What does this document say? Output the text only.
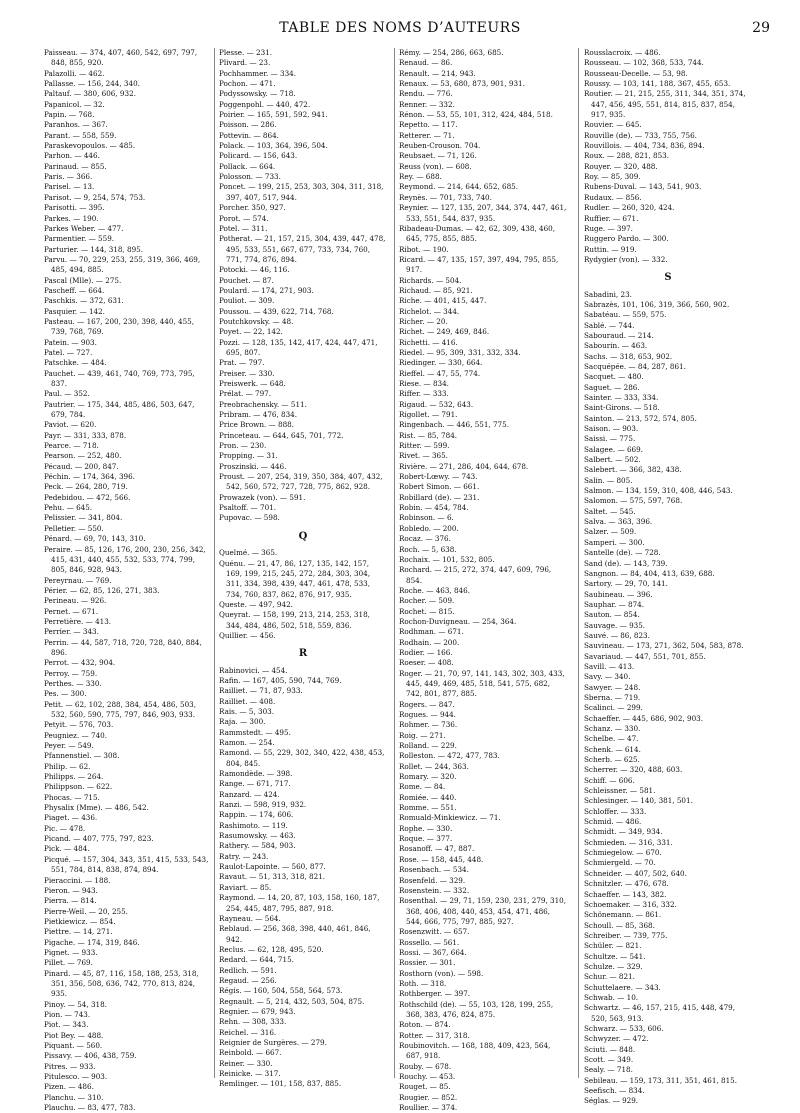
TABLE DES NOMS D’AUTEURS	29

Paisseau. — 374, 407, 460, 542, 697, 797, 848, 855, 920.

Palazolli. — 462.

Pallasse. — 156, 244, 340.

Paltauf. — 380, 606, 932.

Papanicol. — 32.

Papin. — 768.

Paranhos. — 367.

Parant. — 558, 559.

Paraskevopoulos. — 485.

Parhon. — 446.

Parinaud. — 855.

Paris. — 366.

Parisel. — 13.

Parisot. — 9, 254, 574, 753.

Parisotti. — 395.

Parkes. — 190.

Parkes Weber. — 477.

Parmentier. — 559.

Parturier. — 144, 318, 895.

Parvu. — 70, 229, 253, 255, 319, 366, 469, 485, 494, 885.

Pascal (Mlle). — 275.

Pascheff. — 664.

Paschkis. — 372, 631.

Pasquier. — 142.

Pasteau. — 167, 200, 230, 398, 440, 455, 739, 768, 769.

Patein. — 903.

Patel. — 727.

Patschke. — 484.

Pauchet. — 439, 461, 740, 769, 773, 795, 837.

Paul. — 352.

Pautrier. — 175, 344, 485, 486, 503, 647, 679, 784.

Paviot. — 620.

Payr. — 331, 333, 878.

Pearce. — 718.

Pearson. — 252, 480.

Pécaud. — 200, 847.

Péchin. — 174, 364, 396.

Peck. — 264, 280, 719.

Pedebidou. — 472, 566.

Pehu. — 645.

Pelissier. — 341, 804.

Pelletier. — 550.

Pénard. — 69, 70, 143, 310.

Peraire. — 85, 126, 176, 200, 230, 256, 342, 415, 431, 440, 455, 532, 533, 774, 799, 805, 846, 928, 943.

Pereyrnau. — 769.

Périer. — 62, 85, 126, 271, 383.

Perineau. — 926.

Pernet. — 671.

Perretière. — 413.

Perrier. — 343.

Perrin. — 44, 587, 718, 720, 728, 840, 884, 896.

Perrot. — 432, 904.

Perroy. — 759.

Perthes. — 330.

Pes. — 300.

Petit. — 62, 102, 288, 384, 454, 486, 503, 532, 560, 590, 775, 797, 846, 903, 933.

Petyit. — 576, 703.

Peugniez. — 740.

Peyer. — 549.

Pfannenstiel. — 308.

Philip. — 62.

Philipps. — 264.

Philippson. — 622.

Phocas. — 715.

Physalix (Mme). — 486, 542.

Piaget. — 436.

Pic. — 478.

Picand. — 407, 775, 797, 823.

Pick. — 484.

Picqué. — 157, 304, 343, 351, 415, 533, 543, 551, 784, 814, 838, 874, 894.

Pieraccini. — 188.

Pieron. — 943.

Pierra. — 814.

Pierre-Weil. — 20, 255.

Pietkiewicz. — 854.

Piettre. — 14, 271.

Pigache. — 174, 319, 846.

Pignet. — 933.

Pillet. — 769.

Pinard. — 45, 87, 116, 158, 188, 253, 318, 351, 356, 508, 636, 742, 770, 813, 824, 935.

Pinoy. — 54, 318.

Pion. — 743.

Piot. — 343.

Piot Bey. — 488.

Piquant. — 560.

Pissavy. — 406, 438, 759.

Pitres. — 933.

Pitulesco. — 903.

Pizen. — 486.

Planchu. — 310.

Plauchu. — 83, 477, 783.

Plesse. — 231.

Plivard. — 23.

Pochhammer. — 334.

Pochon. — 471.

Podyssowsky. — 718.

Poggenpohl. — 440, 472.

Poirier. — 165, 591, 592, 941.

Poisson. — 286.

Pottevin. — 864.

Polack. — 103, 364, 396, 504.

Policard. — 156, 643.

Pollack. — 664.

Polosson. — 733.

Poncet. — 199, 215, 253, 303, 304, 311, 318, 397, 407, 517, 944.

Porcher. 350, 927.

Porot. — 574.

Potel. — 311.

Potherat. — 21, 157, 215, 304, 439, 447, 478, 495, 533, 551, 667, 677, 733, 734, 760, 771, 774, 876, 894.

Potocki. — 46, 116.

Pouchet. — 87.

Poulard. — 174, 271, 903.

Pouliot. — 309.

Poussou. — 439, 622, 714, 768.

Poutchkovsky. — 48.

Poyet. — 22, 142.

Pozzi. — 128, 135, 142, 417, 424, 447, 471, 695, 807.

Prat. — 797.

Preiser. — 330.

Preiswerk. — 648.

Prélat. — 797.

Preobrachensky. — 511.

Pribram. — 476, 834.

Price Brown. — 888.

Princeteau. — 644, 645, 701, 772.

Pron. — 230.

Propping. — 31.

Proszinski. — 446.

Proust. — 207, 254, 319, 350, 384, 407, 432, 542, 560, 572, 727, 728, 775, 862, 928.

Prowazek (von). — 591.

Psaltoff. — 701.

Pupovac. — 598.

Q

Quelmé. — 365.

Quénu. — 21, 47, 86, 127, 135, 142, 157, 169, 199, 215, 245, 272, 284, 303, 304, 311, 334, 398, 439, 447, 461, 478, 533, 734, 760, 837, 862, 876, 917, 935.

Queste. — 497, 942.

Queyrat. — 158, 199, 213, 214, 253, 318, 344, 484, 486, 502, 518, 559, 836.

Quillier. — 456.

R

Rabinovici. — 454.

Rafin. — 167, 405, 590, 744, 769.

Railliet. — 71, 87, 933.

Railliet. — 408.

Rais. — 5, 303.

Raja. — 300.

Rammstedt. — 495.

Ramon. — 254.

Ramond. — 55, 229, 302, 340, 422, 438, 453, 804, 845.

Ramondède. — 398.

Range. — 671, 717.

Ranzard. — 424.

Ranzi. — 598, 919, 932.

Rappin. — 174, 606.

Rashimoto. — 119.

Rasumowsky. — 463.

Rathery. — 584, 903.

Ratry. — 243.

Raulot-Lapointe. — 560, 877.

Ravaut. — 51, 313, 318, 821.

Raviart. — 85.

Raymond. — 14, 20, 87, 103, 158, 160, 187, 254, 445, 487, 795, 887, 918.

Rayneau. — 564.

Reblaud. — 256, 368, 398, 440, 461, 846, 942.

Reclus. — 62, 128, 495, 520.

Redard. — 644, 715.

Redlich. — 591.

Regaud. — 256.

Régis. — 160, 504, 558, 564, 573.

Regnault. — 5, 214, 432, 503, 504, 875.

Regnier. — 679, 943.

Rehn. — 308, 333.

Reichel. — 316.

Reignier de Surgères. — 279.

Reinbold. — 667.

Reiner. — 330.

Reinicke. — 317.

Remlinger. — 101, 158, 837, 885.

Rémy. — 254, 286, 663, 685.

Renaud. — 86.

Renault. — 214, 943.

Renaux. — 53, 680, 873, 901, 931.

Rendu. — 776.

Renner. — 332.

Rénon. — 53, 55, 101, 312, 424, 484, 518.

Repetto. — 117.

Retterer. — 71.

Reuben-Crouson. 704.

Reubsaet. — 71, 126.

Reuss (von). — 608.

Rey. — 688.

Reymond. — 214, 644, 652, 685.

Reynès. — 701, 733, 740.

Reynier. — 127, 135, 207, 344, 374, 447, 461, 533, 551, 544, 837, 935.

Ribadeau-Dumas. — 42, 62, 309, 438, 460, 645, 775, 855, 885.

Ribot. — 190.

Ricard. — 47, 135, 157, 397, 494, 795, 855, 917.

Richards. — 504.

Richaud. — 85, 921.

Riche. — 401, 415, 447.

Richelot. — 344.

Richer. — 20.

Richet. — 249, 469, 846.

Richetti. — 416.

Riedel. — 95, 309, 331, 332, 334.

Riedinger. — 330, 664.

Rieffel. — 47, 55, 774.

Riese. — 834.

Riffer. — 333.

Rigaud. — 532, 643.

Rigollet. — 791.

Ringenbach. — 446, 551, 775.

Rist. — 85, 784.

Ritter. — 599.

Rivet. — 365.

Rivière. — 271, 286, 404, 644, 678.

Robert-Lœwy. — 743.

Robert Simon. — 661.

Robillard (de). — 231.

Robin. — 454, 784.

Robinson. — 6.

Robledo. — 200.

Rocaz. — 376.

Roch. — 5, 638.

Rochaix. — 101, 532, 805.

Rochard. — 215, 272, 374, 447, 609, 796, 854.

Roche. — 463, 846.

Rocher. — 509.

Rochet. — 815.

Rochon-Duvigneau. — 254, 364.

Rodhman. — 671.

Rodhain. — 200.

Rodier. — 166.

Roeser. — 408.

Roger. — 21, 70, 97, 141, 143, 302, 303, 433, 445, 449, 469, 485, 518, 541, 575, 682, 742, 801, 877, 885.

Rogers. — 847.

Rogues. — 944.

Rohmer. — 736.

Roig. — 271.

Rolland. — 229.

Rolleston. — 472, 477, 783.

Rollet. — 244, 363.

Romary. — 320.

Rome. — 84.

Romiée. — 440.

Romme. — 551.

Romuald-Minkiewicz. — 71.

Rophe. — 330.

Roque. — 377.

Rosanoff. — 47, 887.

Rose. — 158, 445, 448.

Rosenbach. — 534.

Rosenfeld. — 329.

Rosenstein. — 332.

Rosenthal. — 29, 71, 159, 230, 231, 279, 310, 368, 406, 408, 440, 453, 454, 471, 486, 544, 666, 775, 797, 885, 927.

Rosenzwitt. — 657.

Rossello. — 561.

Rossi. — 367, 664.

Rossier. — 301.

Rosthorn (von). — 598.

Roth. — 318.

Rothberger. — 397.

Rothschild (de). — 55, 103, 128, 199, 255, 368, 383, 476, 824, 875.

Roton. — 874.

Rotter. — 317, 318.

Roubinovitch. — 168, 188, 409, 423, 564, 687, 918.

Rouby. — 678.

Rouchy. — 453.

Rouget. — 85.

Rougier. — 852.

Roullier. — 374.

Rousslacroix. — 486.

Rousseau. — 102, 368, 533, 744.

Rousseau-Decelle. — 53, 98.

Roussy. — 103, 141, 188, 367, 455, 653.

Routier. — 21, 215, 255, 311, 344, 351, 374, 447, 456, 495, 551, 814, 815, 837, 854, 917, 935.

Rouvier. — 645.

Rouville (de). — 733, 755, 756.

Rouvillois. — 404, 734, 836, 894.

Roux. — 288, 821, 853.

Rouyer. — 320, 488.

Roy. — 85, 309.

Rubens-Duval. — 143, 541, 903.

Rudaux. — 856.

Rudler. — 260, 320, 424.

Ruffier. — 671.

Ruge. — 397.

Ruggero Pardo. — 300.

Ruttin. — 919.

Rydygier (von). — 332.

S

Sabadini, 23.

Sabrazès, 101, 106, 319, 366, 560, 902.

Sabatéau. — 559, 575.

Sablé. — 744.

Sabouraud. — 214.

Sabourin. — 463.

Sachs. — 318, 653, 902.

Sacquépée. — 84, 287, 861.

Sacquet. — 480.

Saguet. — 286.

Sainter. — 333, 334.

Saint-Girons. — 518.

Sainton. — 213, 572, 574, 805.

Saison. — 903.

Saissi. — 775.

Salagee. — 669.

Salbert. — 502.

Salebert. — 366, 382, 438.

Salin. — 805.

Salmon. — 134, 159, 310, 408, 446, 543.

Salomon. — 575, 597, 768.

Saltet. — 545.

Salva. — 363, 396.

Salzer. — 509.

Samperi. — 300.

Santelle (de). — 728.

Sand (de). — 143, 739.

Sangnon. — 84, 404, 413, 639, 688.

Sartory. — 29, 70, 141.

Saubineau. — 396.

Sauphar. — 874.

Sauton. — 854.

Sauvage. — 935.

Sauvé. — 86, 823.

Sauvineau. — 173, 271, 362, 504, 583, 878.

Savariaud. — 447, 551, 701, 855.

Savill. — 413.

Savy. — 340.

Sawyer. — 248.

Sberna. — 719.

Scalinci. — 299.

Schaeffer. — 445, 686, 902, 903.

Schanz. — 330.

Schelbe. — 47.

Schenk. — 614.

Scherb. — 625.

Scherrer. — 320, 488, 603.

Schiff. — 606.

Schleissner. — 581.

Schlesinger. — 140, 381, 501.

Schloffer. — 333.

Schmid. — 486.

Schmidt. — 349, 934.

Schmieden. — 316, 331.

Schmiegelow. — 670.

Schmiergeld. — 70.

Schneider. — 407, 502, 640.

Schnitzler. — 476, 678.

Schaeffer. — 143, 382.

Schoemaker. — 316, 332.

Schönemann. — 861.

Schoull. — 85, 368.

Schreiber. — 739, 775.

Schüler. — 821.

Schultze. — 541.

Schulze. — 329.

Schur. — 821.

Schuttelaere. — 343.

Schwab. — 10.

Schwartz. — 46, 157, 215, 415, 448, 479, 520, 563, 913.

Schwarz. — 533, 606.

Schwyzer. — 472.

Sciuti. — 848.

Scott. — 349.

Sealy. — 718.

Sebileau. — 159, 173, 311, 351, 461, 815.

Seefisch. — 834.

Séglas. — 929.
